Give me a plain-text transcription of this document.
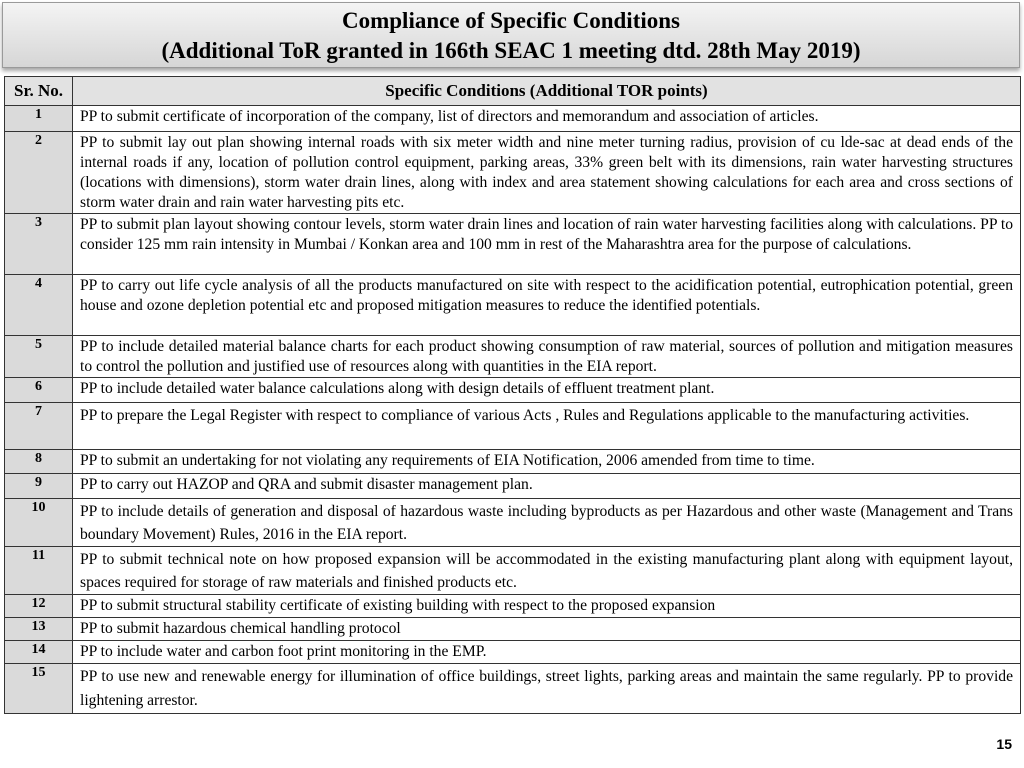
Compliance of Specific Conditions
(Additional ToR granted in 166th SEAC 1 meeting dtd. 28th May 2019)
Sr. No.	Specific Conditions (Additional TOR points)
1	PP to submit certificate of incorporation of the company, list of directors and memorandum and association of articles.

2	PP to submit lay out plan showing internal roads with six meter width and nine meter turning radius, provision of cu lde-sac at dead ends of the internal roads if any, location of pollution control equipment, parking areas, 33% green belt with its dimensions, rain water harvesting structures (locations with dimensions), storm water drain lines, along with index and area statement showing calculations for each area and cross sections of storm water drain and rain water harvesting pits etc.

3	PP to submit plan layout showing contour levels, storm water drain lines and location of rain water harvesting facilities along with calculations. PP to consider 125 mm rain intensity in Mumbai / Konkan area and 100 mm in rest of the Maharashtra area for the purpose of calculations.

4	PP to carry out life cycle analysis of all the products manufactured on site with respect to the acidification potential, eutrophication potential, green house and ozone depletion potential etc and proposed mitigation measures to reduce the identified potentials.

5	PP to include detailed material balance charts for each product showing consumption of raw material, sources of pollution and mitigation measures to control the pollution and justified use of resources along with quantities in the EIA report.

6	PP to include detailed water balance calculations along with design details of effluent treatment plant.

7	PP to prepare the Legal Register with respect to compliance of various Acts , Rules and Regulations applicable to the manufacturing activities.

8	PP to submit an undertaking for not violating any requirements of EIA Notification, 2006 amended from time to time.

9	PP to carry out HAZOP and QRA and submit disaster management plan.

10	PP to include details of generation and disposal of hazardous waste including byproducts as per Hazardous and other waste (Management and Trans boundary Movement) Rules, 2016 in the EIA report.

11	PP to submit technical note on how proposed expansion will be accommodated in the existing manufacturing plant along with equipment layout, spaces required for storage of raw materials and finished products etc.

12	PP to submit structural stability certificate of existing building with respect to the proposed expansion

13	PP to submit hazardous chemical handling protocol

14	PP to include water and carbon foot print monitoring in the EMP.

15	PP to use new and renewable energy for illumination of office buildings, street lights, parking areas and maintain the same regularly. PP to provide lightening arrestor.
15
